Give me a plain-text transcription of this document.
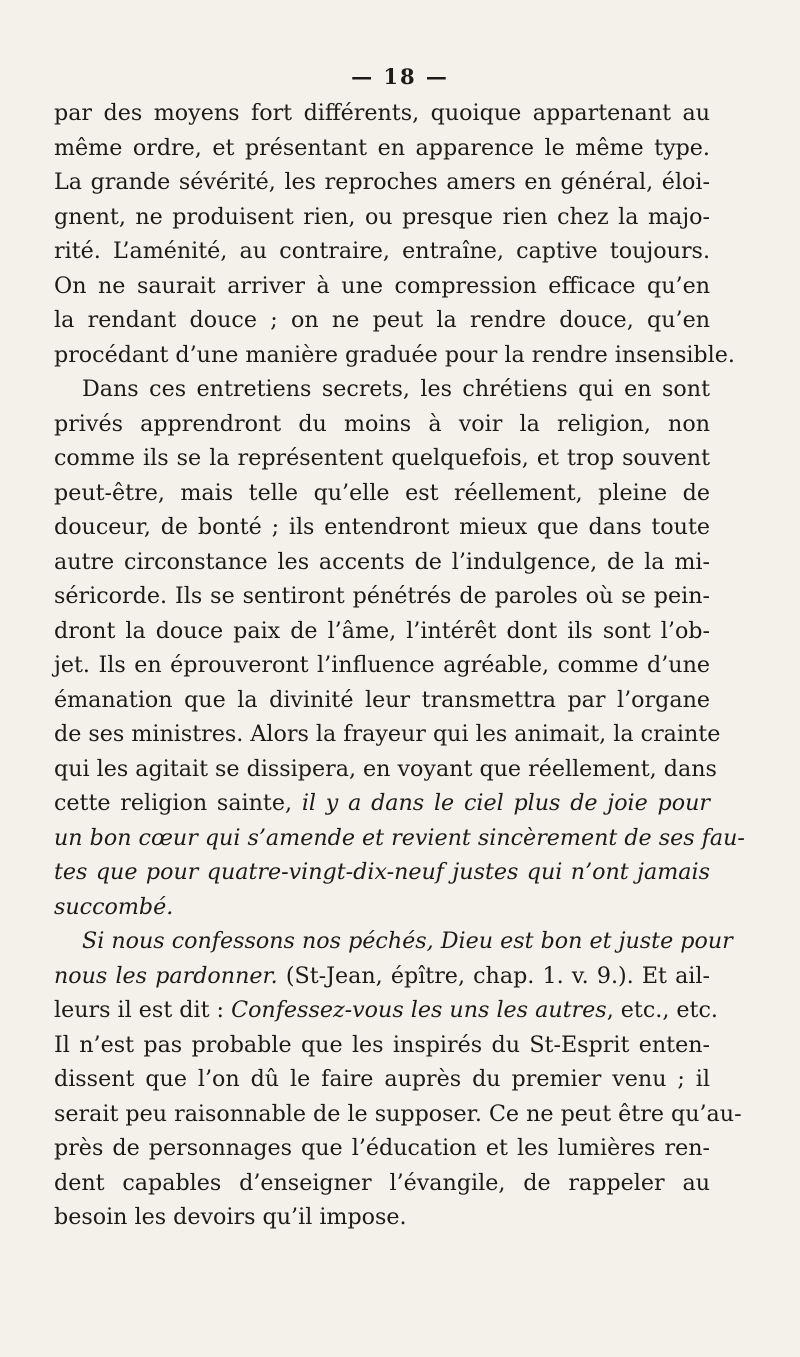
— 18 —
par des moyens fort différents, quoique appartenant au
même ordre, et présentant en apparence le même type.
La grande sévérité, les reproches amers en général, éloi-
gnent, ne produisent rien, ou presque rien chez la majo-
rité. L’aménité, au contraire, entraîne, captive toujours.
On ne saurait arriver à une compression efficace qu’en
la rendant douce ; on ne peut la rendre douce, qu’en
procédant d’une manière graduée pour la rendre insensible.
Dans ces entretiens secrets, les chrétiens qui en sont
privés apprendront du moins à voir la religion, non
comme ils se la représentent quelquefois, et trop souvent
peut-être, mais telle qu’elle est réellement, pleine de
douceur, de bonté ; ils entendront mieux que dans toute
autre circonstance les accents de l’indulgence, de la mi-
séricorde. Ils se sentiront pénétrés de paroles où se pein-
dront la douce paix de l’âme, l’intérêt dont ils sont l’ob-
jet. Ils en éprouveront l’influence agréable, comme d’une
émanation que la divinité leur transmettra par l’organe
de ses ministres. Alors la frayeur qui les animait, la crainte
qui les agitait se dissipera, en voyant que réellement, dans
cette religion sainte, il y a dans le ciel plus de joie pour
un bon cœur qui s’amende et revient sincèrement de ses fau-
tes que pour quatre-vingt-dix-neuf justes qui n’ont jamais
succombé.
Si nous confessons nos péchés, Dieu est bon et juste pour
nous les pardonner. (St-Jean, épître, chap. 1. v. 9.). Et ail-
leurs il est dit : Confessez-vous les uns les autres, etc., etc.
Il n’est pas probable que les inspirés du St-Esprit enten-
dissent que l’on dû le faire auprès du premier venu ; il
serait peu raisonnable de le supposer. Ce ne peut être qu’au-
près de personnages que l’éducation et les lumières ren-
dent capables d’enseigner l’évangile, de rappeler au
besoin les devoirs qu’il impose.
